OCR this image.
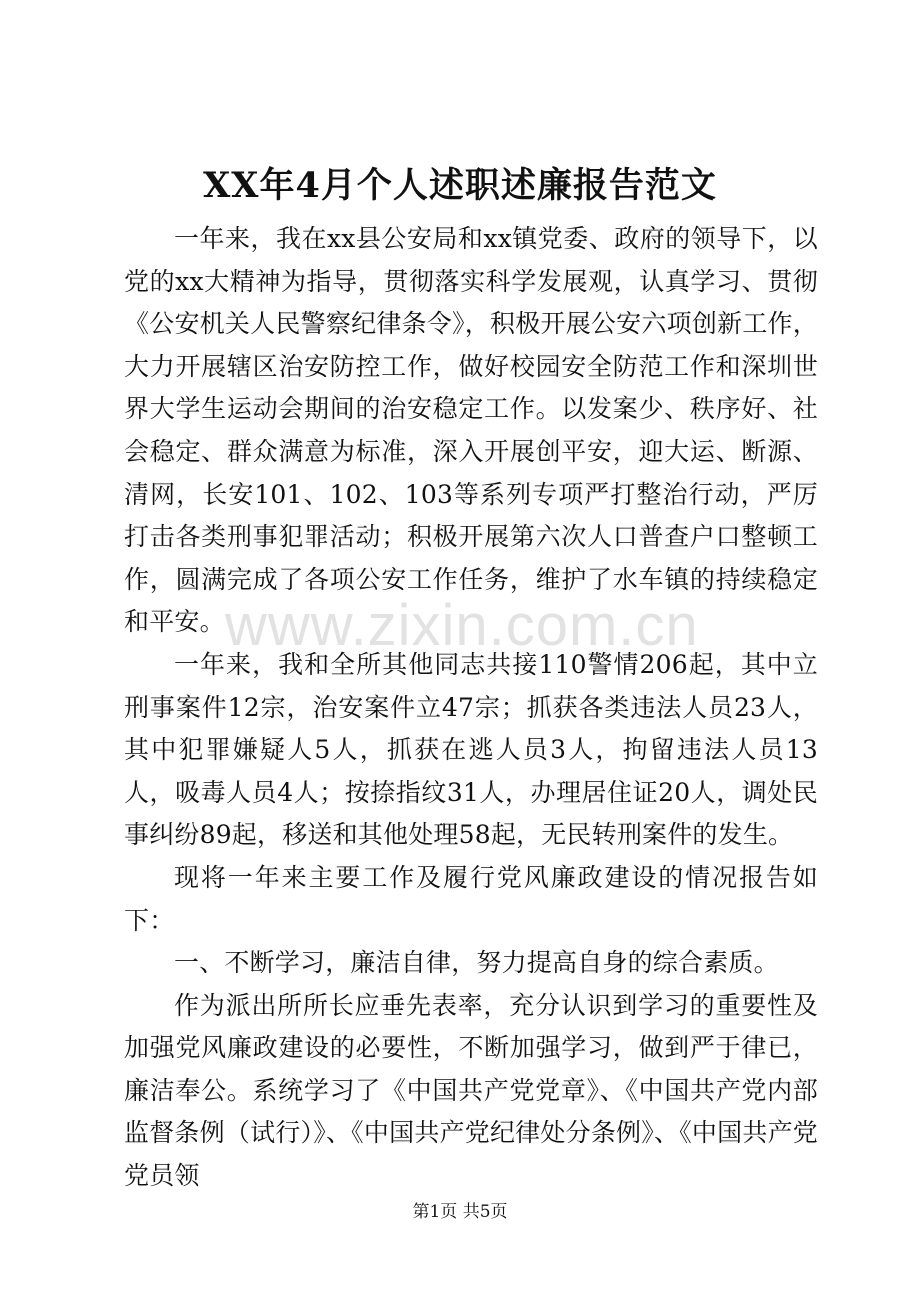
XX年4月个人述职述廉报告范文

一年来，我在xx县公安局和xx镇党委、政府的领导下，以党的xx大精神为指导，贯彻落实科学发展观，认真学习、贯彻《公安机关人民警察纪律条令》，积极开展公安六项创新工作，大力开展辖区治安防控工作，做好校园安全防范工作和深圳世界大学生运动会期间的治安稳定工作。以发案少、秩序好、社会稳定、群众满意为标准，深入开展创平安，迎大运、断源、清网，长安101、102、103等系列专项严打整治行动，严厉打击各类刑事犯罪活动；积极开展第六次人口普查户口整顿工作，圆满完成了各项公安工作任务，维护了水车镇的持续稳定和平安。

一年来，我和全所其他同志共接110警情206起，其中立刑事案件12宗，治安案件立47宗；抓获各类违法人员23人，其中犯罪嫌疑人5人，抓获在逃人员3人，拘留违法人员13人，吸毒人员4人；按捺指纹31人，办理居住证20人，调处民事纠纷89起，移送和其他处理58起，无民转刑案件的发生。

现将一年来主要工作及履行党风廉政建设的情况报告如下：

一、不断学习，廉洁自律，努力提高自身的综合素质。

作为派出所所长应垂先表率，充分认识到学习的重要性及加强党风廉政建设的必要性，不断加强学习，做到严于律已，廉洁奉公。系统学习了《中国共产党党章》、《中国共产党内部监督条例（试行）》、《中国共产党纪律处分条例》、《中国共产党党员领

www.zixin.com.cn
第1页 共5页
